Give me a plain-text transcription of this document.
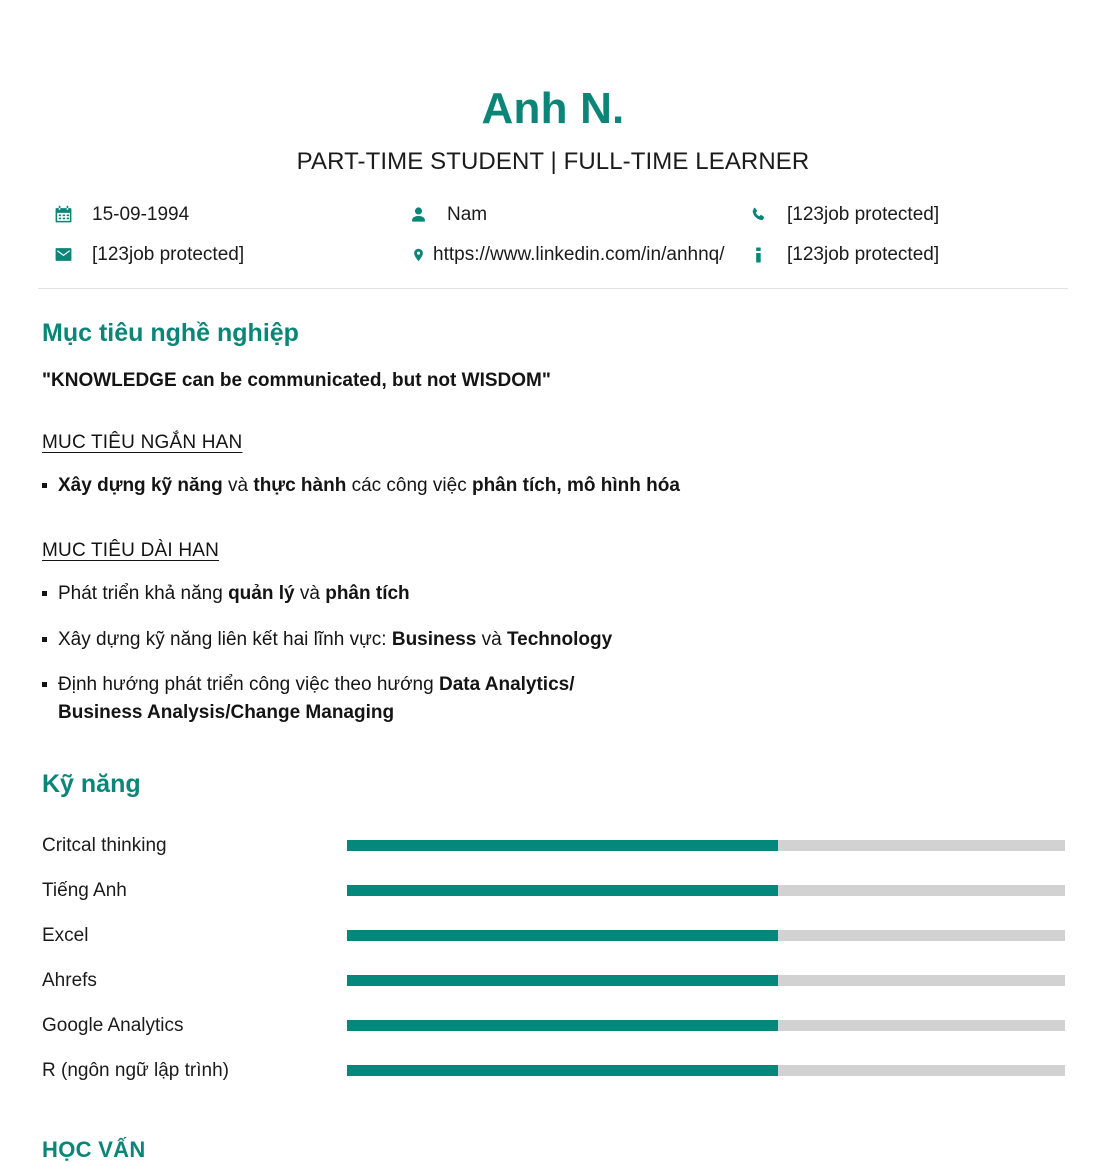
Anh N.
PART-TIME STUDENT | FULL-TIME LEARNER
15-09-1994	Nam	[123job protected]
[123job protected]	https://www.linkedin.com/in/anhnq/	[123job protected]
Mục tiêu nghề nghiệp
"KNOWLEDGE can be communicated, but not WISDOM"
MUC TIÊU NGẮN HAN
Xây dựng kỹ năng và thực hành các công việc phân tích, mô hình hóa
MUC TIÊU DÀI HAN
Phát triển khả năng quản lý và phân tích
Xây dựng kỹ năng liên kết hai lĩnh vực: Business và Technology
Định hướng phát triển công việc theo hướng Data Analytics/ Business Analysis/Change Managing
Kỹ năng
Critcal thinking
Tiếng Anh
Excel
Ahrefs
Google Analytics
R (ngôn ngữ lập trình)
HỌC VẤN
